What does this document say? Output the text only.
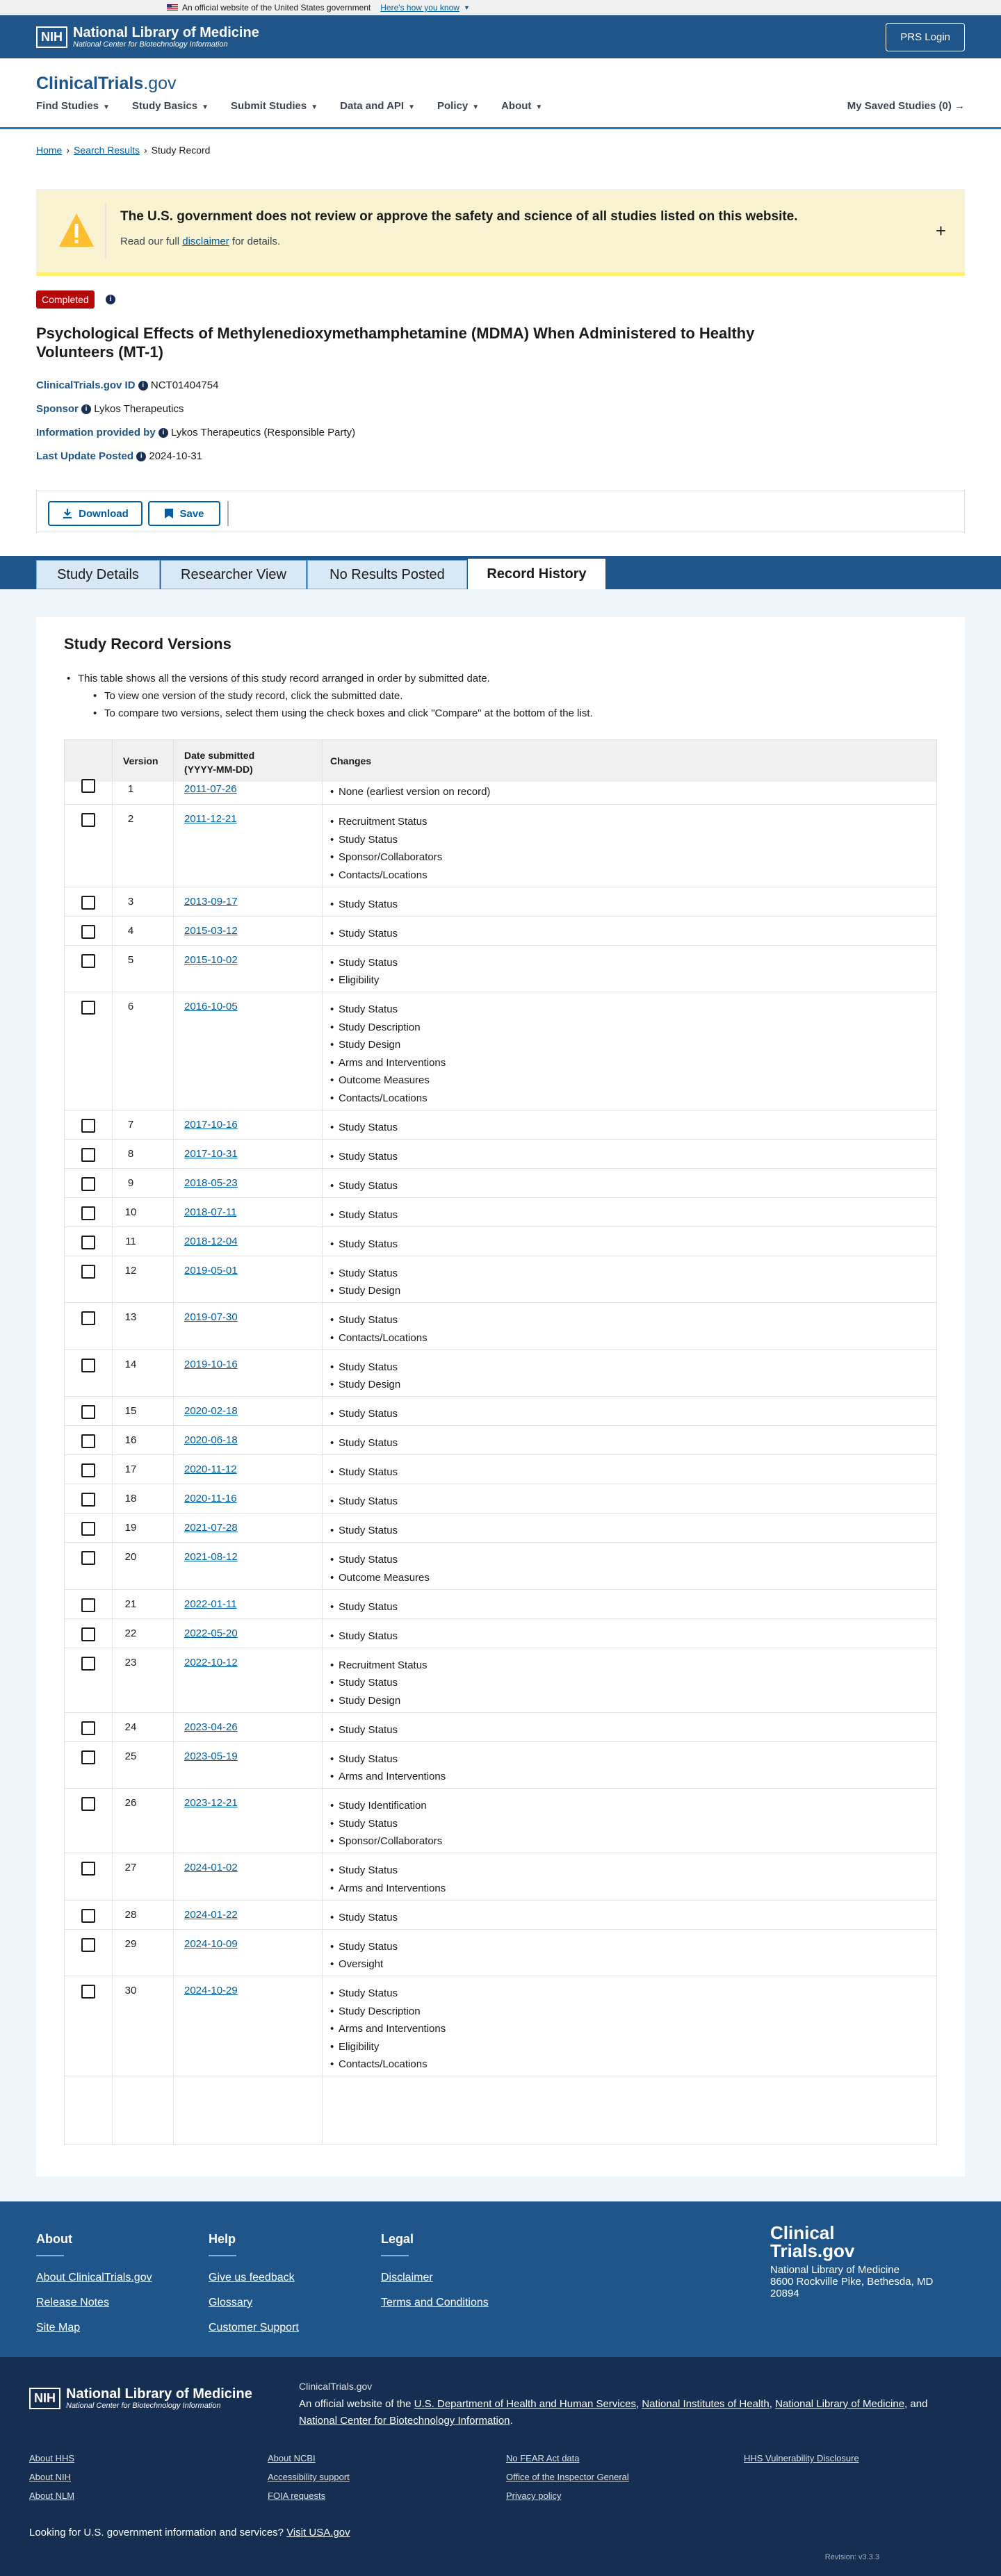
An official website of the United States government Here's how you know ▼
NIH National Library of Medicine
National Center for Biotechnology Information
PRS Login
ClinicalTrials.gov
Find Studies ▼ Study Basics ▼ Submit Studies ▼ Data and API ▼ Policy ▼ About ▼	My Saved Studies (0) →
Home › Search Results › Study Record
The U.S. government does not review or approve the safety and science of all studies listed on this website.
Read our full disclaimer for details.
+
Completed	i
Psychological Effects of Methylenedioxymethamphetamine (MDMA) When Administered to Healthy Volunteers (MT-1)
ClinicalTrials.gov ID i NCT01404754
Sponsor i Lykos Therapeutics
Information provided by i Lykos Therapeutics (Responsible Party)
Last Update Posted i 2024-10-31
Download	Save
Study Details	Researcher View	No Results Posted	Record History
Study Record Versions
• This table shows all the versions of this study record arranged in order by submitted date.
• To view one version of the study record, click the submitted date.
• To compare two versions, select them using the check boxes and click "Compare" at the bottom of the list.
Version	Date submitted
(YYYY-MM-DD)
Changes
1	2011-07-26	• None (earliest version on record)
2	2011-12-21	• Recruitment Status
• Study Status
• Sponsor/Collaborators
• Contacts/Locations
3	2013-09-17	• Study Status
4	2015-03-12	• Study Status
5	2015-10-02	• Study Status
• Eligibility
6	2016-10-05	• Study Status
• Study Description
• Study Design
• Arms and Interventions
• Outcome Measures
• Contacts/Locations
7	2017-10-16	• Study Status
8	2017-10-31	• Study Status
9	2018-05-23	• Study Status
10	2018-07-11	• Study Status
11	2018-12-04	• Study Status
12	2019-05-01	• Study Status
• Study Design
13	2019-07-30	• Study Status
• Contacts/Locations
14	2019-10-16	• Study Status
• Study Design
15	2020-02-18	• Study Status
16	2020-06-18	• Study Status
17	2020-11-12	• Study Status
18	2020-11-16	• Study Status
19	2021-07-28	• Study Status
20	2021-08-12	• Study Status
• Outcome Measures
21	2022-01-11	• Study Status
22	2022-05-20	• Study Status
23	2022-10-12	• Recruitment Status
• Study Status
• Study Design
24	2023-04-26	• Study Status
25	2023-05-19	• Study Status
• Arms and Interventions
26	2023-12-21	• Study Identification
• Study Status
• Sponsor/Collaborators
27	2024-01-02	• Study Status
• Arms and Interventions
28	2024-01-22	• Study Status
29	2024-10-09	• Study Status
• Oversight
30	2024-10-29	• Study Status
• Study Description
• Arms and Interventions
• Eligibility
• Contacts/Locations
About
About ClinicalTrials.gov
Release Notes
Site Map
Help
Give us feedback
Glossary
Customer Support
Legal
Disclaimer
Terms and Conditions
Clinical
Trials.gov
National Library of Medicine
8600 Rockville Pike, Bethesda, MD
20894
NIH National Library of Medicine
National Center for Biotechnology Information
ClinicalTrials.gov
An official website of the U.S. Department of Health and Human Services, National Institutes of Health, National Library of Medicine, and National Center for Biotechnology Information.
About HHS
About NIH
About NLM
About NCBI
Accessibility support
FOIA requests
No FEAR Act data
Office of the Inspector General
Privacy policy
HHS Vulnerability Disclosure
Looking for U.S. government information and services? Visit USA.gov
Revision: v3.3.3
